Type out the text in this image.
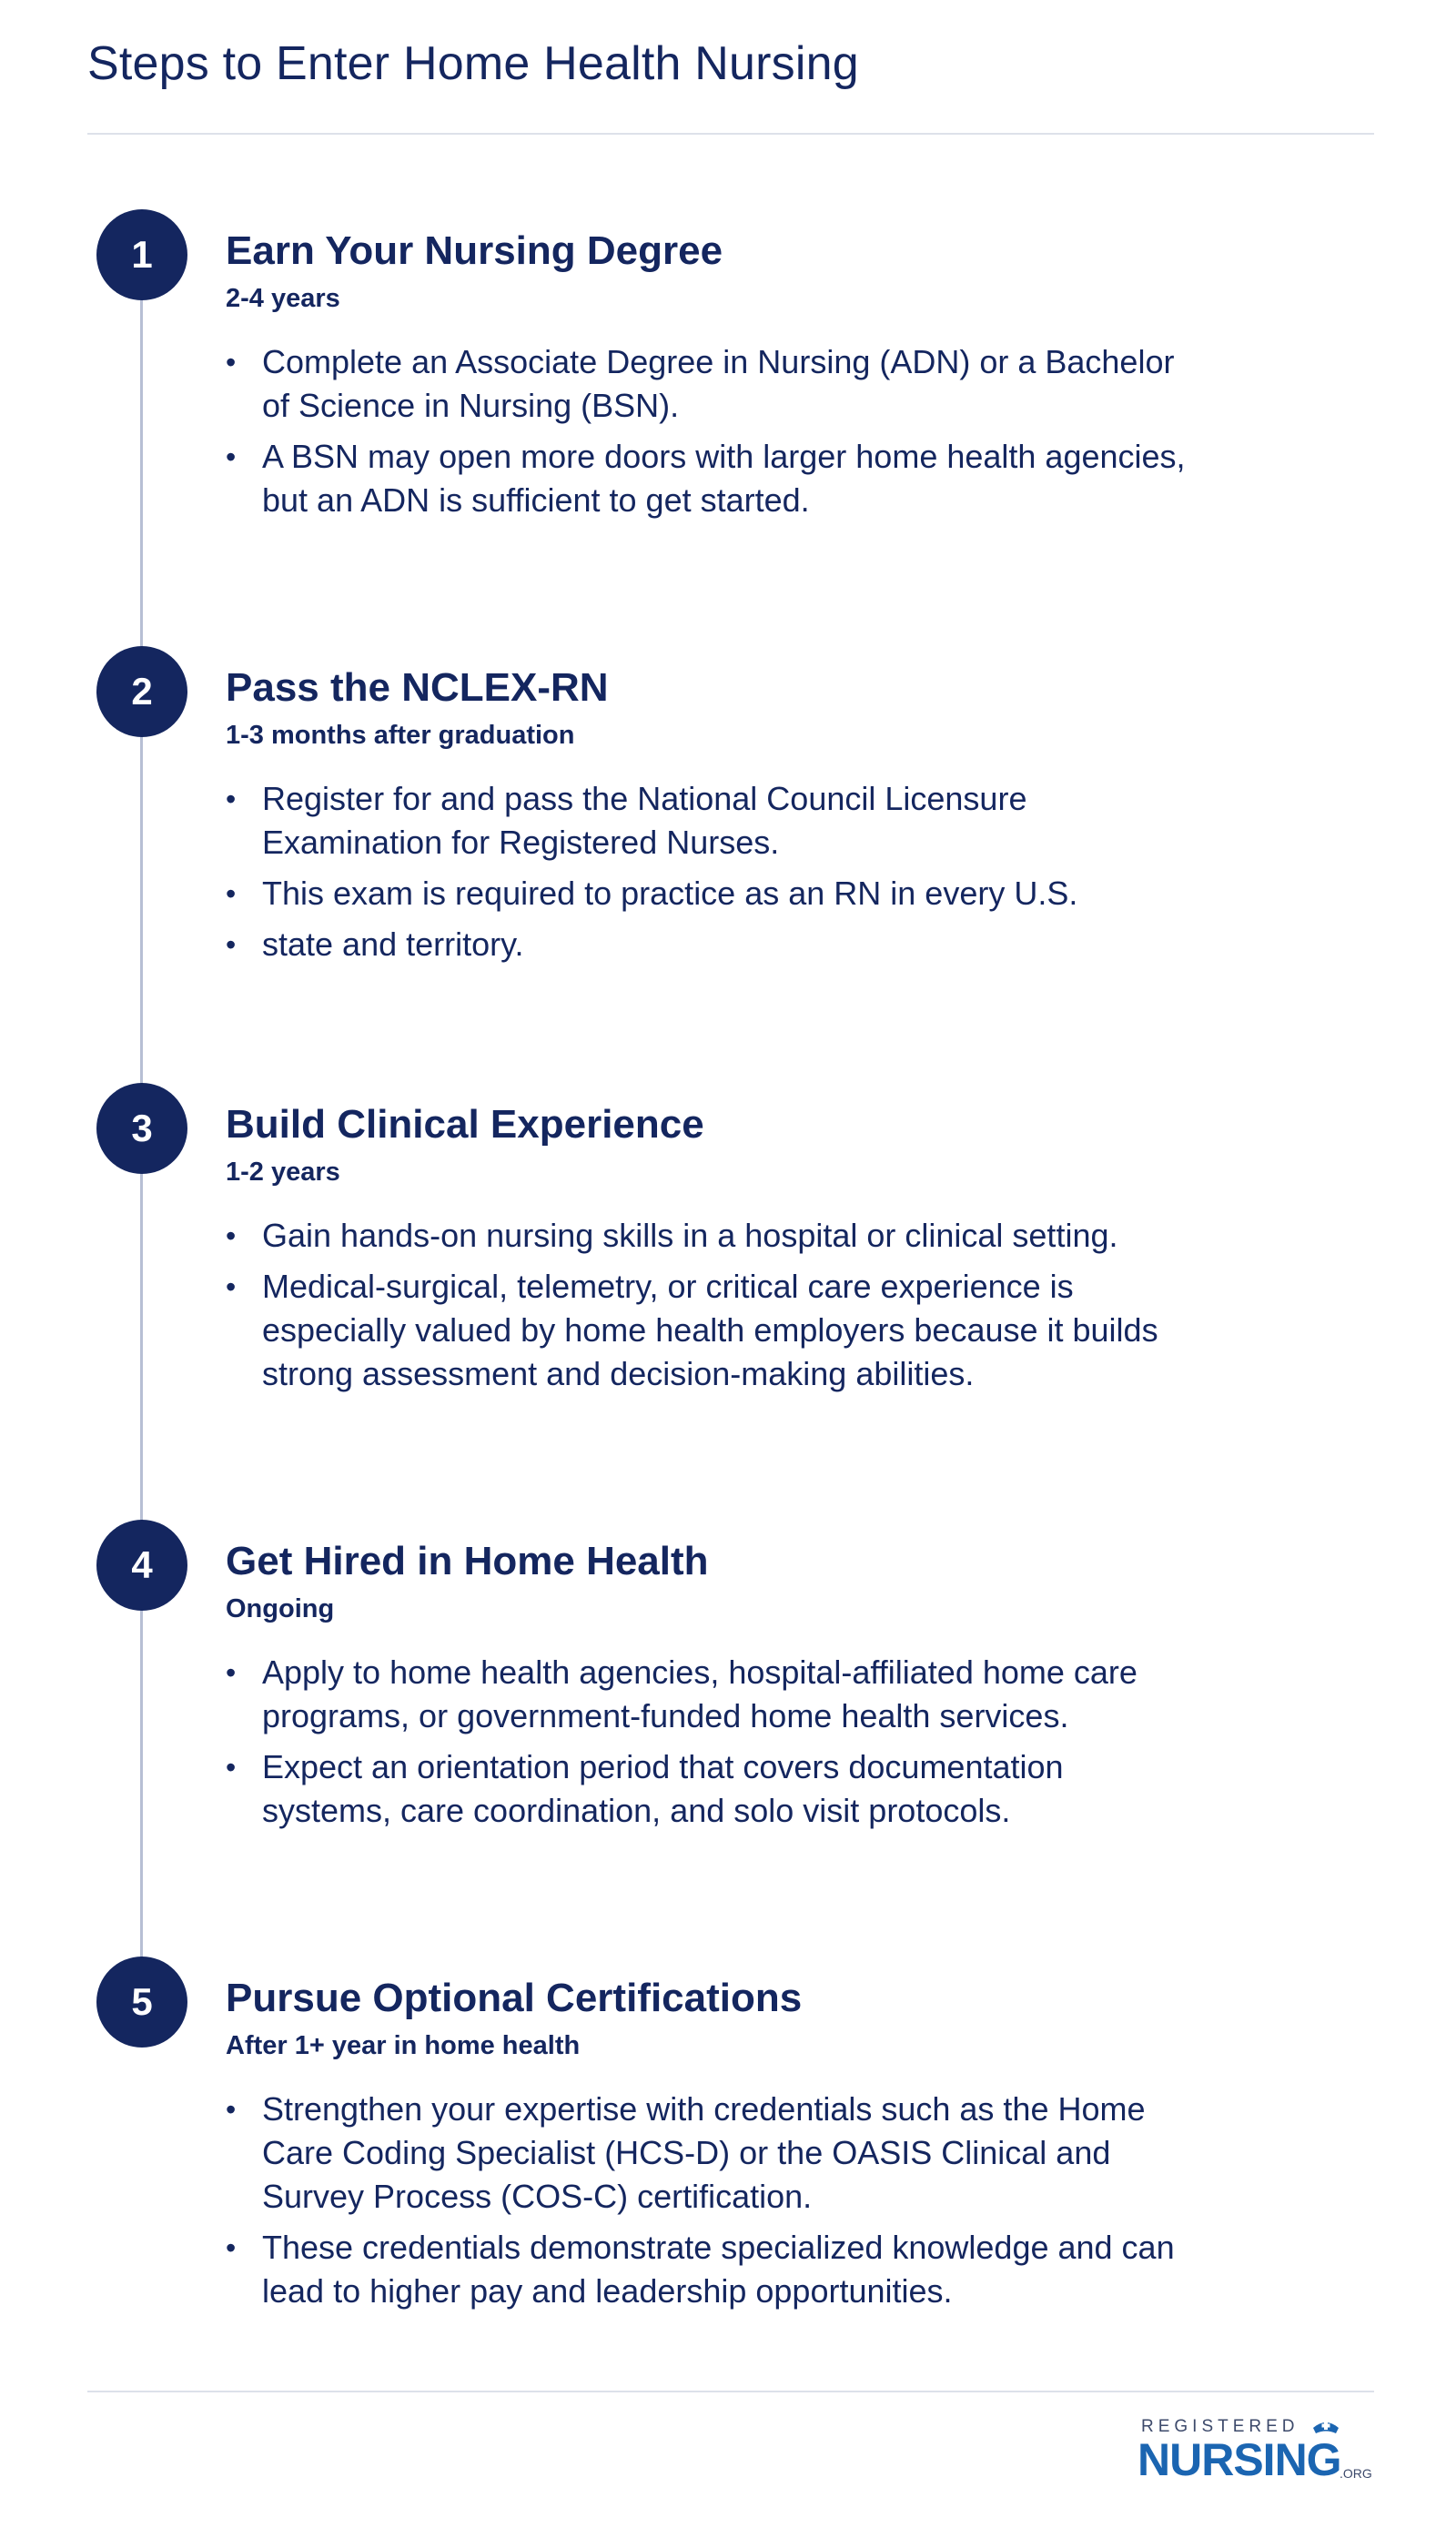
Steps to Enter Home Health Nursing
1	Earn Your Nursing Degree

2-4 years

• Complete an Associate Degree in Nursing (ADN) or a Bachelor of Science in Nursing (BSN).
• A BSN may open more doors with larger home health agencies, but an ADN is sufficient to get started.
2	Pass the NCLEX-RN

1-3 months after graduation

• Register for and pass the National Council Licensure Examination for Registered Nurses.
• This exam is required to practice as an RN in every U.S.
• state and territory.
3	Build Clinical Experience

1-2 years

• Gain hands-on nursing skills in a hospital or clinical setting.
• Medical-surgical, telemetry, or critical care experience is especially valued by home health employers because it builds strong assessment and decision-making abilities.
4	Get Hired in Home Health

Ongoing

• Apply to home health agencies, hospital-affiliated home care programs, or government-funded home health services.
• Expect an orientation period that covers documentation systems, care coordination, and solo visit protocols.
5	Pursue Optional Certifications

After 1+ year in home health

• Strengthen your expertise with credentials such as the Home Care Coding Specialist (HCS-D) or the OASIS Clinical and Survey Process (COS-C) certification.
• These credentials demonstrate specialized knowledge and can lead to higher pay and leadership opportunities.
REGISTERED
NURSING
.ORG
